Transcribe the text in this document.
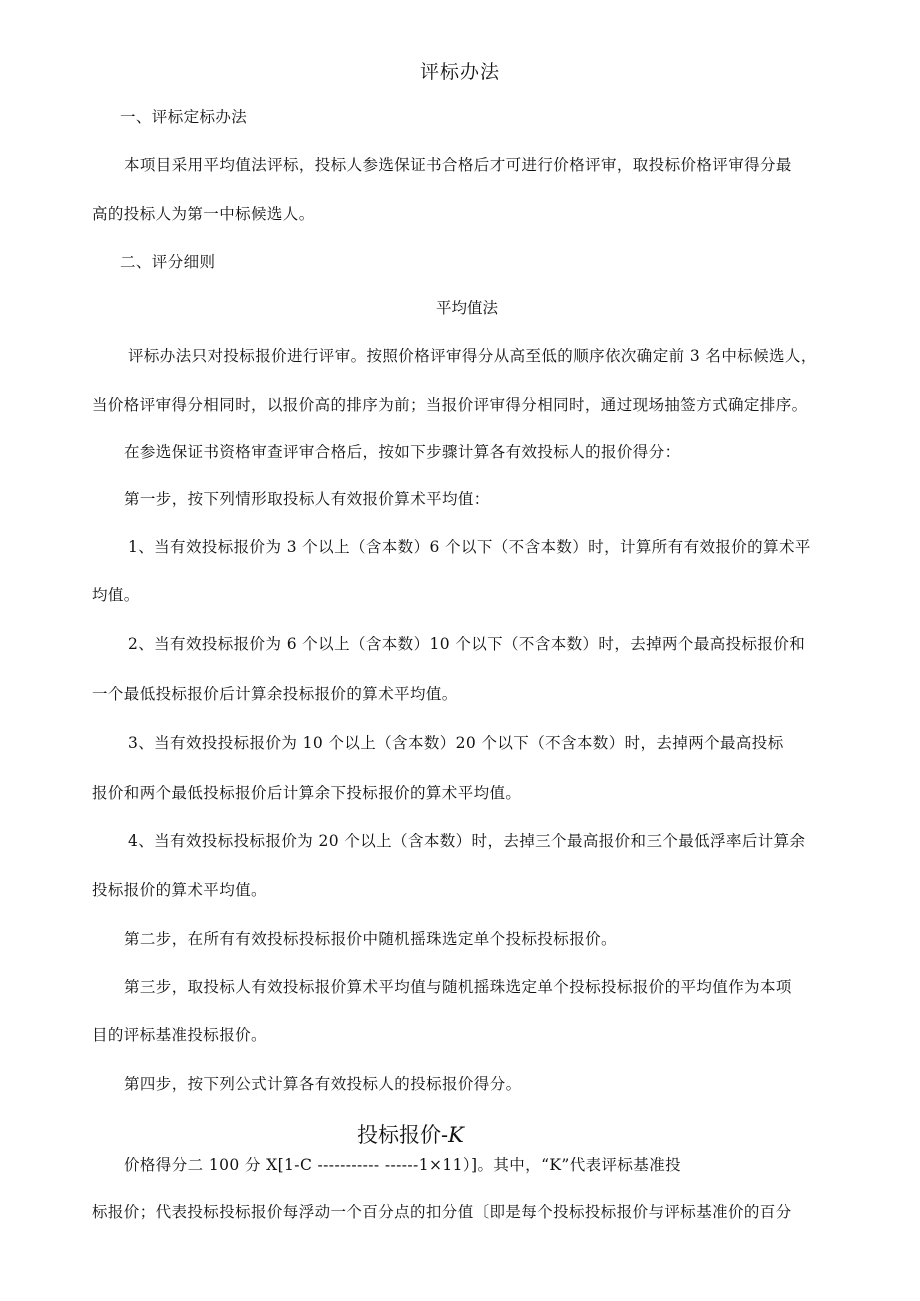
评标办法
一、评标定标办法
本项目采用平均值法评标，投标人参选保证书合格后才可进行价格评审，取投标价格评审得分最
高的投标人为第一中标候选人。
二、评分细则
平均值法
评标办法只对投标报价进行评审。按照价格评审得分从高至低的顺序依次确定前 3 名中标候选人，
当价格评审得分相同时，以报价高的排序为前；当报价评审得分相同时，通过现场抽签方式确定排序。
在参选保证书资格审查评审合格后，按如下步骤计算各有效投标人的报价得分：
第一步，按下列情形取投标人有效报价算术平均值：
1、当有效投标报价为 3 个以上（含本数）6 个以下（不含本数）时，计算所有有效报价的算术平
均值。
2、当有效投标报价为 6 个以上（含本数）10 个以下（不含本数）时，去掉两个最高投标报价和
一个最低投标报价后计算余投标报价的算术平均值。
3、当有效投投标报价为 10 个以上（含本数）20 个以下（不含本数）时，去掉两个最高投标
报价和两个最低投标报价后计算余下投标报价的算术平均值。
4、当有效投标投标报价为 20 个以上（含本数）时，去掉三个最高报价和三个最低浮率后计算余
投标报价的算术平均值。
第二步，在所有有效投标投标报价中随机摇珠选定单个投标投标报价。
第三步，取投标人有效投标报价算术平均值与随机摇珠选定单个投标投标报价的平均值作为本项
目的评标基准投标报价。
第四步，按下列公式计算各有效投标人的投标报价得分。
投标报价-K
价格得分二 100 分 X[1-C ----------- ------1×11）]。其中，“K”代表评标基准投
标报价；代表投标投标报价每浮动一个百分点的扣分值〔即是每个投标投标报价与评标基准价的百分
